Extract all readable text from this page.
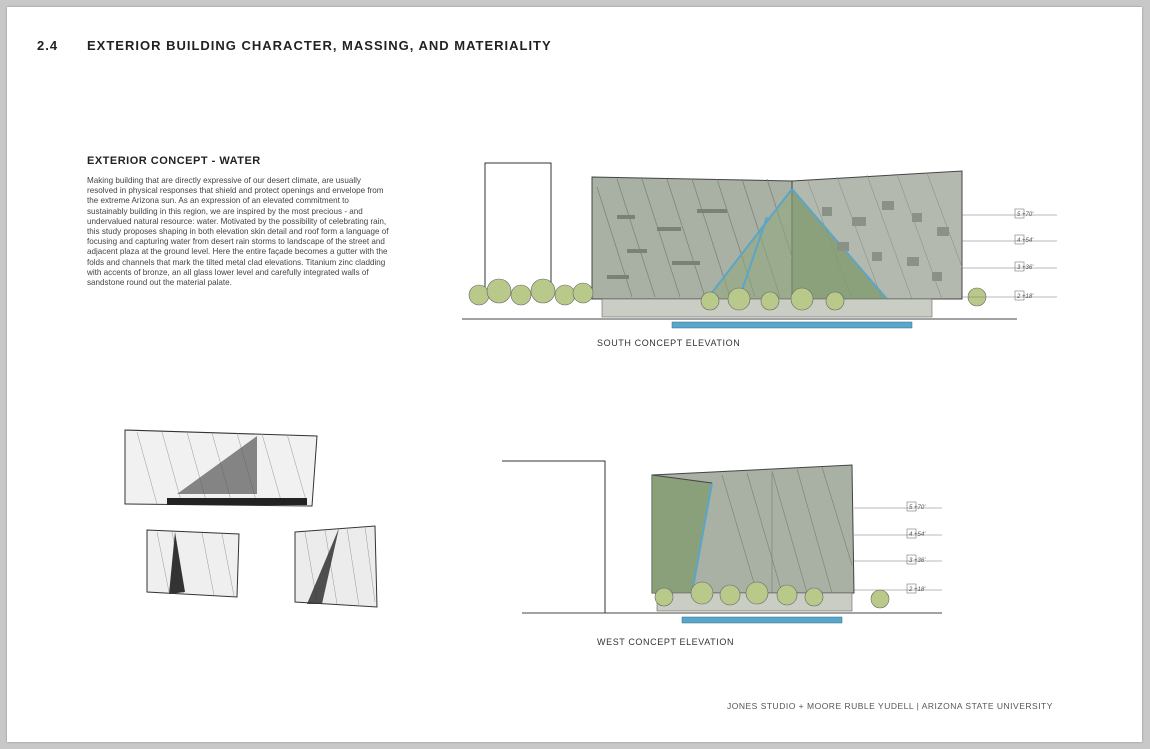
2.4 EXTERIOR BUILDING CHARACTER, MASSING, AND MATERIALITY
EXTERIOR CONCEPT - WATER

Making building that are directly expressive of our desert climate, are usually resolved in physical responses that shield and protect openings and envelope from the extreme Arizona sun. As an expression of an elevated commitment to sustainably building in this region, we are inspired by the most precious - and undervalued natural resource: water. Motivated by the possibility of celebrating rain, this study proposes shaping in both elevation skin detail and roof form a language of focusing and capturing water from desert rain storms to landscape of the street and adjacent plaza at the ground level. Here the entire façade becomes a gutter with the folds and channels that mark the tilted metal clad elevations. Titanium zinc cladding with accents of bronze, an all glass lower level and carefully integrated walls of sandstone round out the material palate.

5 +70'
4 +54'
3 +36'
2 +18'
SOUTH CONCEPT ELEVATION
5 +70'
4 +54'
3 +36'
2 +18'
WEST CONCEPT ELEVATION
JONES STUDIO + MOORE RUBLE YUDELL | ARIZONA STATE UNIVERSITY
